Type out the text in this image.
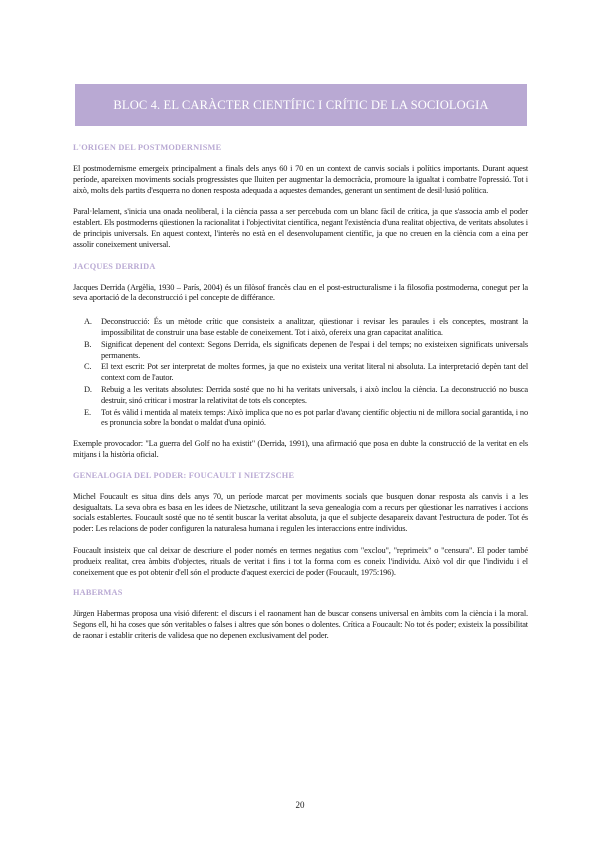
BLOC 4. EL CARÀCTER CIENTÍFIC I CRÍTIC DE LA SOCIOLOGIA
L'ORIGEN DEL POSTMODERNISME

El postmodernisme emergeix principalment a finals dels anys 60 i 70 en un context de canvis socials i polítics importants. Durant aquest període, apareixen moviments socials progressistes que lluiten per augmentar la democràcia, promoure la igualtat i combatre l'opressió. Tot i això, molts dels partits d'esquerra no donen resposta adequada a aquestes demandes, generant un sentiment de desil·lusió política.

Paral·lelament, s'inicia una onada neoliberal, i la ciència passa a ser percebuda com un blanc fàcil de crítica, ja que s'associa amb el poder establert. Els postmoderns qüestionen la racionalitat i l'objectivitat científica, negant l'existència d'una realitat objectiva, de veritats absolutes i de principis universals. En aquest context, l'interès no està en el desenvolupament científic, ja que no creuen en la ciència com a eina per assolir coneixement universal.

JACQUES DERRIDA

Jacques Derrida (Argèlia, 1930 – París, 2004) és un filòsof francès clau en el post-estructuralisme i la filosofia postmoderna, conegut per la seva aportació de la deconstrucció i pel concepte de différance.

A. Deconstrucció: És un mètode crític que consisteix a analitzar, qüestionar i revisar les paraules i els conceptes, mostrant la impossibilitat de construir una base estable de coneixement. Tot i això, ofereix una gran capacitat analítica.
B. Significat depenent del context: Segons Derrida, els significats depenen de l'espai i del temps; no existeixen significats universals permanents.
C. El text escrit: Pot ser interpretat de moltes formes, ja que no existeix una veritat literal ni absoluta. La interpretació depèn tant del context com de l'autor.
D. Rebuig a les veritats absolutes: Derrida sosté que no hi ha veritats universals, i això inclou la ciència. La deconstrucció no busca destruir, sinó criticar i mostrar la relativitat de tots els conceptes.
E. Tot és vàlid i mentida al mateix temps: Això implica que no es pot parlar d'avanç científic objectiu ni de millora social garantida, i no es pronuncia sobre la bondat o maldat d'una opinió.

Exemple provocador: "La guerra del Golf no ha existit" (Derrida, 1991), una afirmació que posa en dubte la construcció de la veritat en els mitjans i la història oficial.

GENEALOGIA DEL PODER: FOUCAULT I NIETZSCHE

Michel Foucault es situa dins dels anys 70, un període marcat per moviments socials que busquen donar resposta als canvis i a les desigualtats. La seva obra es basa en les idees de Nietzsche, utilitzant la seva genealogia com a recurs per qüestionar les narratives i accions socials establertes. Foucault sosté que no té sentit buscar la veritat absoluta, ja que el subjecte desapareix davant l'estructura de poder. Tot és poder: Les relacions de poder configuren la naturalesa humana i regulen les interaccions entre individus.

Foucault insisteix que cal deixar de descriure el poder només en termes negatius com "exclou", "reprimeix" o "censura". El poder també produeix realitat, crea àmbits d'objectes, rituals de veritat i fins i tot la forma com es coneix l'individu. Això vol dir que l'individu i el coneixement que es pot obtenir d'ell són el producte d'aquest exercici de poder (Foucault, 1975:196).

HABERMAS

Jürgen Habermas proposa una visió diferent: el discurs i el raonament han de buscar consens universal en àmbits com la ciència i la moral. Segons ell, hi ha coses que són veritables o falses i altres que són bones o dolentes. Crítica a Foucault: No tot és poder; existeix la possibilitat de raonar i establir criteris de validesa que no depenen exclusivament del poder.

20
